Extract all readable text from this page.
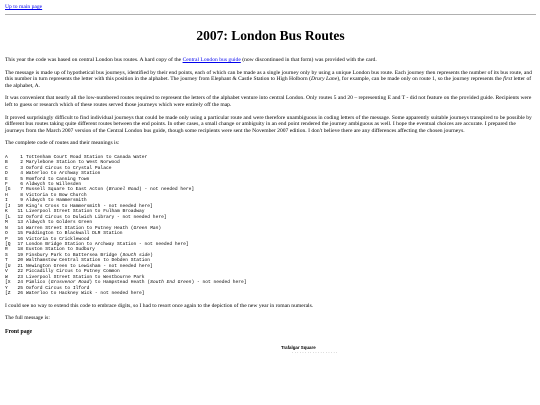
Up to main page
2007: London Bus Routes

This year the code was based on central London bus routes. A hard copy of the Central London bus guide (now discontinued in that form) was provided with the card.

The message is made up of hypothetical bus journeys, identified by their end points, each of which can be made as a single journey only by using a unique London bus route. Each journey then represents the number of its bus route, and this number in turn represents the letter with this position in the alphabet. The journey from Elephant & Castle Station to High Holborn (Drury Lane), for example, can be made only on route 1, so the journey represents the first letter of the alphabet, A.

It was convenient that nearly all the low-numbered routes required to represent the letters of the alphabet venture into central London. Only routes 5 and 20 – representing E and T - did not feature on the provided guide. Recipients were left to guess or research which of these routes served those journeys which were entirely off the map.

It proved surprisingly difficult to find individual journeys that could be made only using a particular route and were therefore unambiguous in coding letters of the message. Some apparently suitable journeys transpired to be possible by different bus routes taking quite different routes between the end points. In other cases, a small change or ambiguity in an end point rendered the journey ambiguous as well. I hope the eventual choices are accurate. I prepared the journeys from the March 2007 version of the Central London bus guide, though some recipients were sent the November 2007 edition. I don't believe there are any differences affecting the chosen journeys.

The complete code of routes and their meanings is:

A	1 Tottenham Court Road Station to Canada Water
B	2 Marylebone Station to West Norwood
C	3 Oxford Circus to Crystal Palace
D	4 Waterloo to Archway Station
E	5 Romford to Canning Town
F	6 Aldwych to Willesden
[G	7 Russell Square to East Acton (Brunel Road) - not needed here]
H	8 Victoria to Bow Church
I	9 Aldwych to Hammersmith
[J	10 King's Cross to Hammersmith - not needed here]
K	11 Liverpool Street Station to Fulham Broadway
[L	12 Oxford Circus to Dulwich Library - not needed here]
M	13 Aldwych to Golders Green
N	14 Warren Street Station to Putney Heath (Green Man)
O	15 Paddington to Blackwall DLR Station
P	16 Victoria to Cricklewood
[Q	17 London Bridge Station to Archway Station - not needed here]
R	18 Euston Station to Sudbury
S	19 Finsbury Park to Battersea Bridge (South side)
T	20 Walthamstow Central Station to Debden Station
[U	21 Newington Green to Lewisham - not needed here]
V	22 Piccadilly Circus to Putney Common
W	23 Liverpool Street Station to Westbourne Park
[X	24 Pimlico (Grosvenor Road) to Hampstead Heath (South End Green) - not needed here]
Y	25 Oxford Circus to Ilford
[Z	26 Waterloo to Hackney Wick - not needed here]

I could see no way to extend this code to embrace digits, so I had to resort once again to the depiction of the new year in roman numerals.

The full message is:

Front page
Trafalgar Square
· · · · · · · · · · · · · · · · · ·
